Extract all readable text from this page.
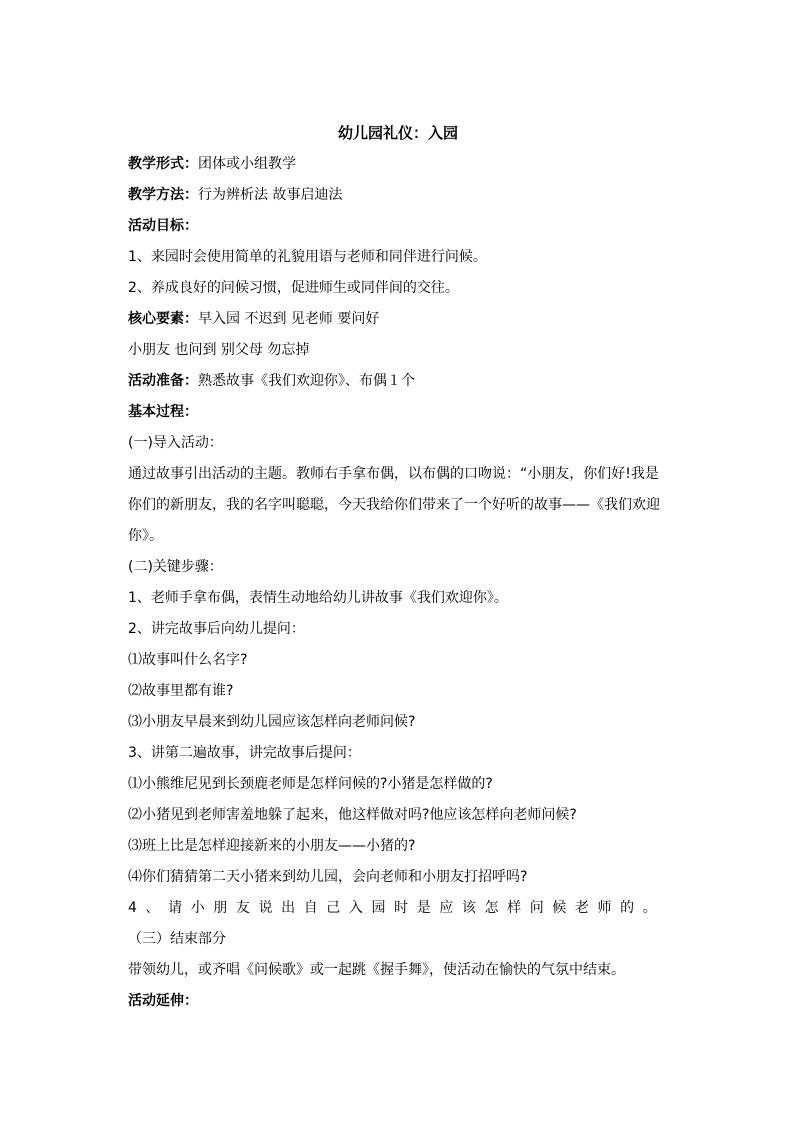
幼儿园礼仪：入园
教学形式：团体或小组教学
教学方法：行为辨析法 故事启迪法
活动目标：
1、来园时会使用简单的礼貌用语与老师和同伴进行问候。
2、养成良好的问候习惯，促进师生或同伴间的交往。
核心要素：早入园 不迟到 见老师 要问好
小朋友 也问到 别父母 勿忘掉
活动准备：熟悉故事《我们欢迎你》、布偶１个
基本过程：
(一)导入活动：
通过故事引出活动的主题。教师右手拿布偶，以布偶的口吻说：“小朋友，你们好!我是你们的新朋友，我的名字叫聪聪，今天我给你们带来了一个好听的故事——《我们欢迎你》。
(二)关键步骤：
1、老师手拿布偶，表情生动地给幼儿讲故事《我们欢迎你》。
2、讲完故事后向幼儿提问：
⑴故事叫什么名字?
⑵故事里都有谁?
⑶小朋友早晨来到幼儿园应该怎样向老师问候?
3、讲第二遍故事，讲完故事后提问：
⑴小熊维尼见到长颈鹿老师是怎样问候的?小猪是怎样做的?
⑵小猪见到老师害羞地躲了起来，他这样做对吗?他应该怎样向老师问候?
⑶班上比是怎样迎接新来的小朋友——小猪的?
⑷你们猜猜第二天小猪来到幼儿园，会向老师和小朋友打招呼吗?
4、请小朋友说出自己入园时是应该怎样问候老师的。
（三）结束部分
带领幼儿，或齐唱《问候歌》或一起跳《握手舞》，使活动在愉快的气氛中结束。
活动延伸：
